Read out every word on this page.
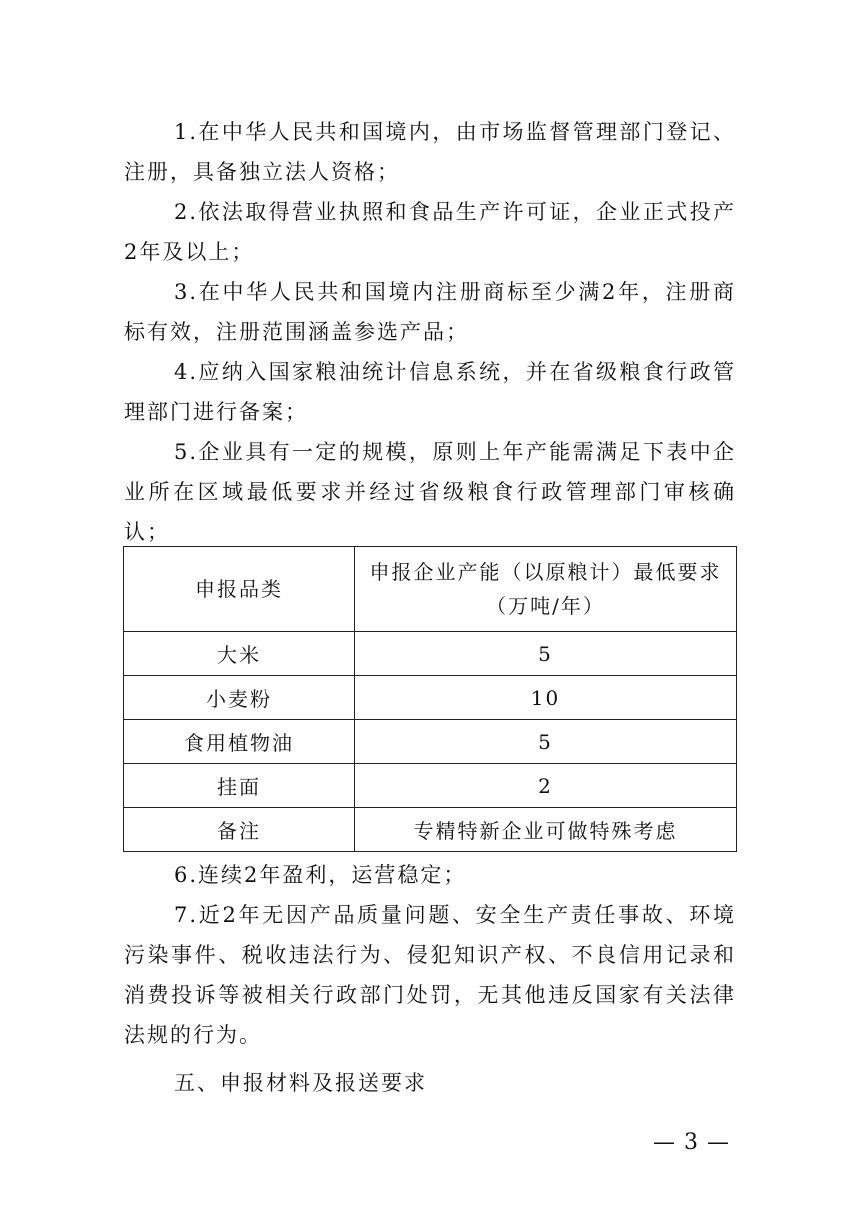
1.在中华人民共和国境内，由市场监督管理部门登记、注册，具备独立法人资格；

2.依法取得营业执照和食品生产许可证，企业正式投产2年及以上；

3.在中华人民共和国境内注册商标至少满2年，注册商标有效，注册范围涵盖参选产品；

4.应纳入国家粮油统计信息系统，并在省级粮食行政管理部门进行备案；

5.企业具有一定的规模，原则上年产能需满足下表中企业所在区域最低要求并经过省级粮食行政管理部门审核确认；

申报品类	申报企业产能（以原粮计）最低要求
（万吨/年）

大米	5
小麦粉	10
食用植物油	5
挂面	2
备注	专精特新企业可做特殊考虑

6.连续2年盈利，运营稳定；

7.近2年无因产品质量问题、安全生产责任事故、环境污染事件、税收违法行为、侵犯知识产权、不良信用记录和消费投诉等被相关行政部门处罚，无其他违反国家有关法律法规的行为。

五、申报材料及报送要求

— 3 —
